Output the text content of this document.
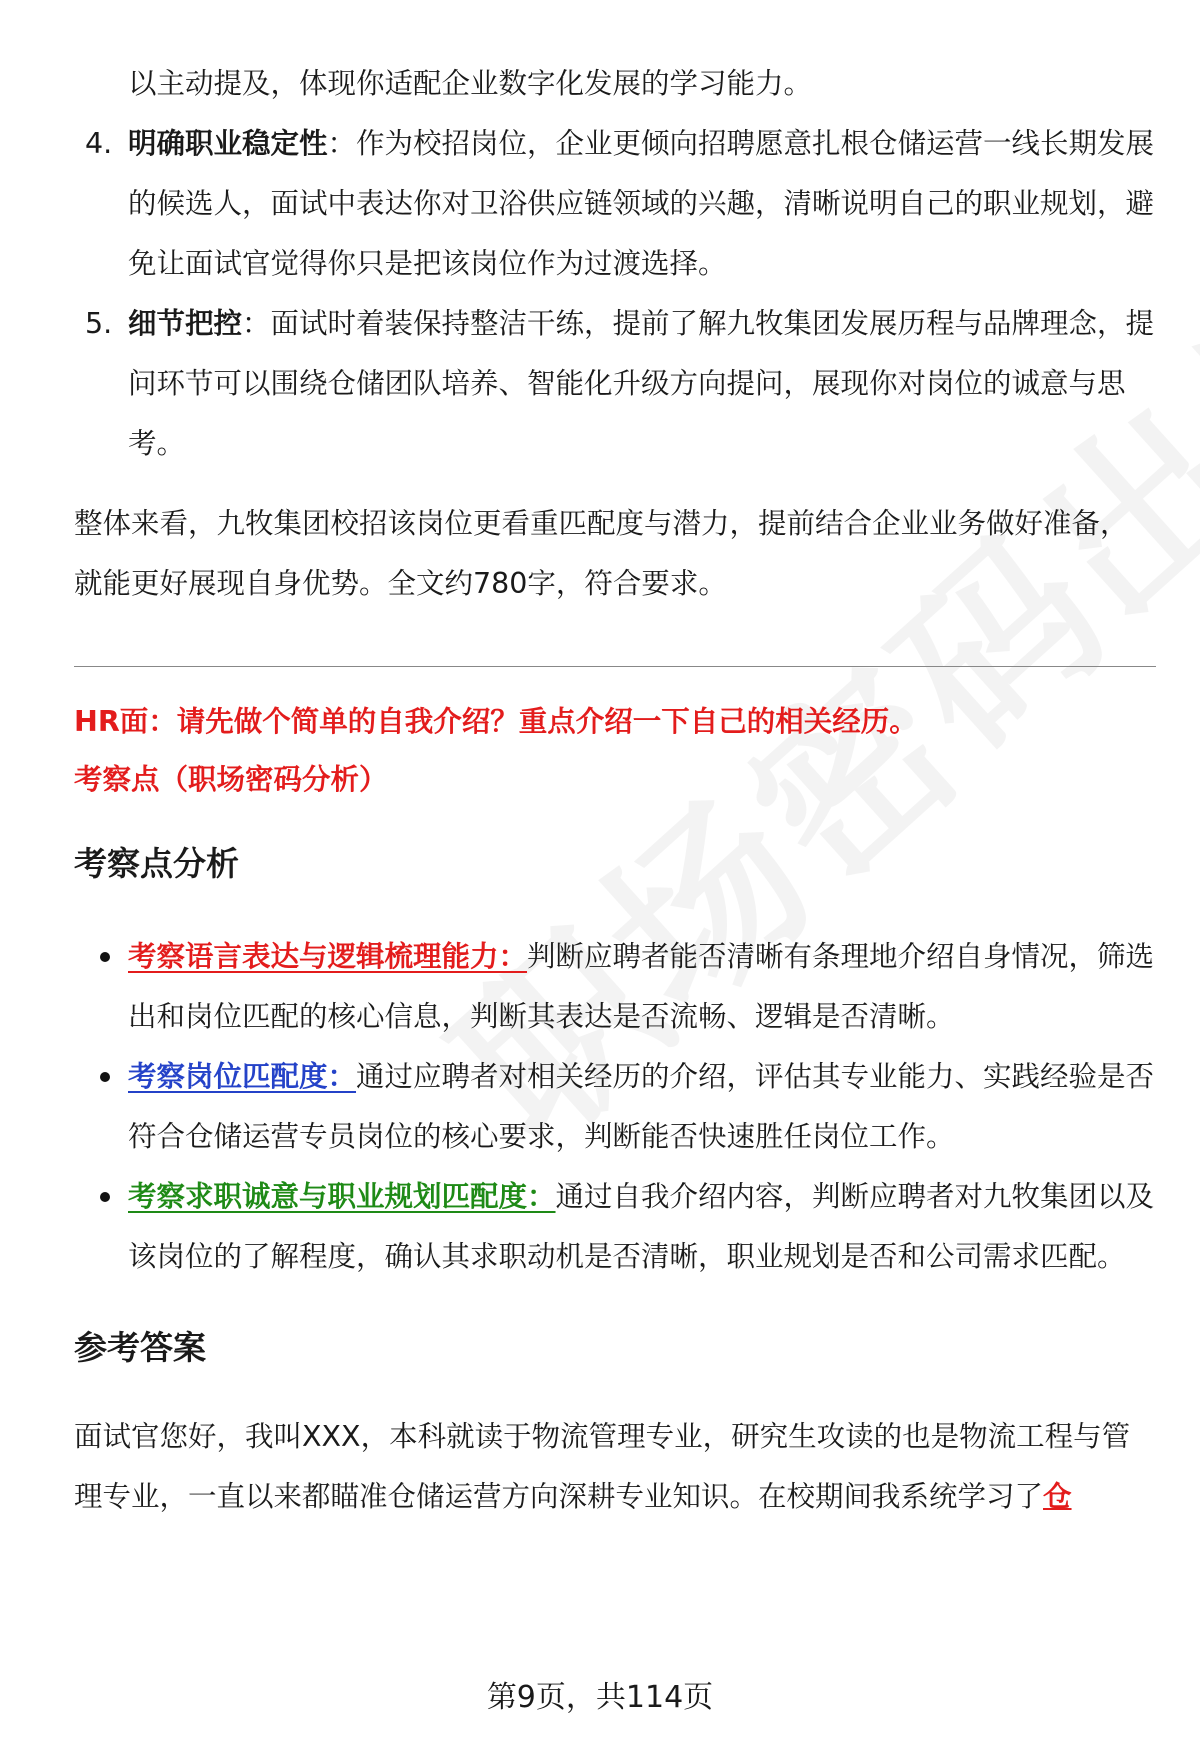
以主动提及，体现你适配企业数字化发展的学习能力。

4. 明确职业稳定性：作为校招岗位，企业更倾向招聘愿意扎根仓储运营一线长期发展的候选人，面试中表达你对卫浴供应链领域的兴趣，清晰说明自己的职业规划，避免让面试官觉得你只是把该岗位作为过渡选择。

5. 细节把控：面试时着装保持整洁干练，提前了解九牧集团发展历程与品牌理念，提问环节可以围绕仓储团队培养、智能化升级方向提问，展现你对岗位的诚意与思考。

整体来看，九牧集团校招该岗位更看重匹配度与潜力，提前结合企业业务做好准备，就能更好展现自身优势。全文约780字，符合要求。

HR面：请先做个简单的自我介绍？重点介绍一下自己的相关经历。

考察点（职场密码分析）

考察点分析

考察语言表达与逻辑梳理能力：判断应聘者能否清晰有条理地介绍自身情况，筛选出和岗位匹配的核心信息，判断其表达是否流畅、逻辑是否清晰。

考察岗位匹配度：通过应聘者对相关经历的介绍，评估其专业能力、实践经验是否符合仓储运营专员岗位的核心要求，判断能否快速胜任岗位工作。

考察求职诚意与职业规划匹配度：通过自我介绍内容，判断应聘者对九牧集团以及该岗位的了解程度，确认其求职动机是否清晰，职业规划是否和公司需求匹配。

参考答案

面试官您好，我叫XXX，本科就读于物流管理专业，研究生攻读的也是物流工程与管理专业，一直以来都瞄准仓储运营方向深耕专业知识。在校期间我系统学习了仓

第9页，共114页
